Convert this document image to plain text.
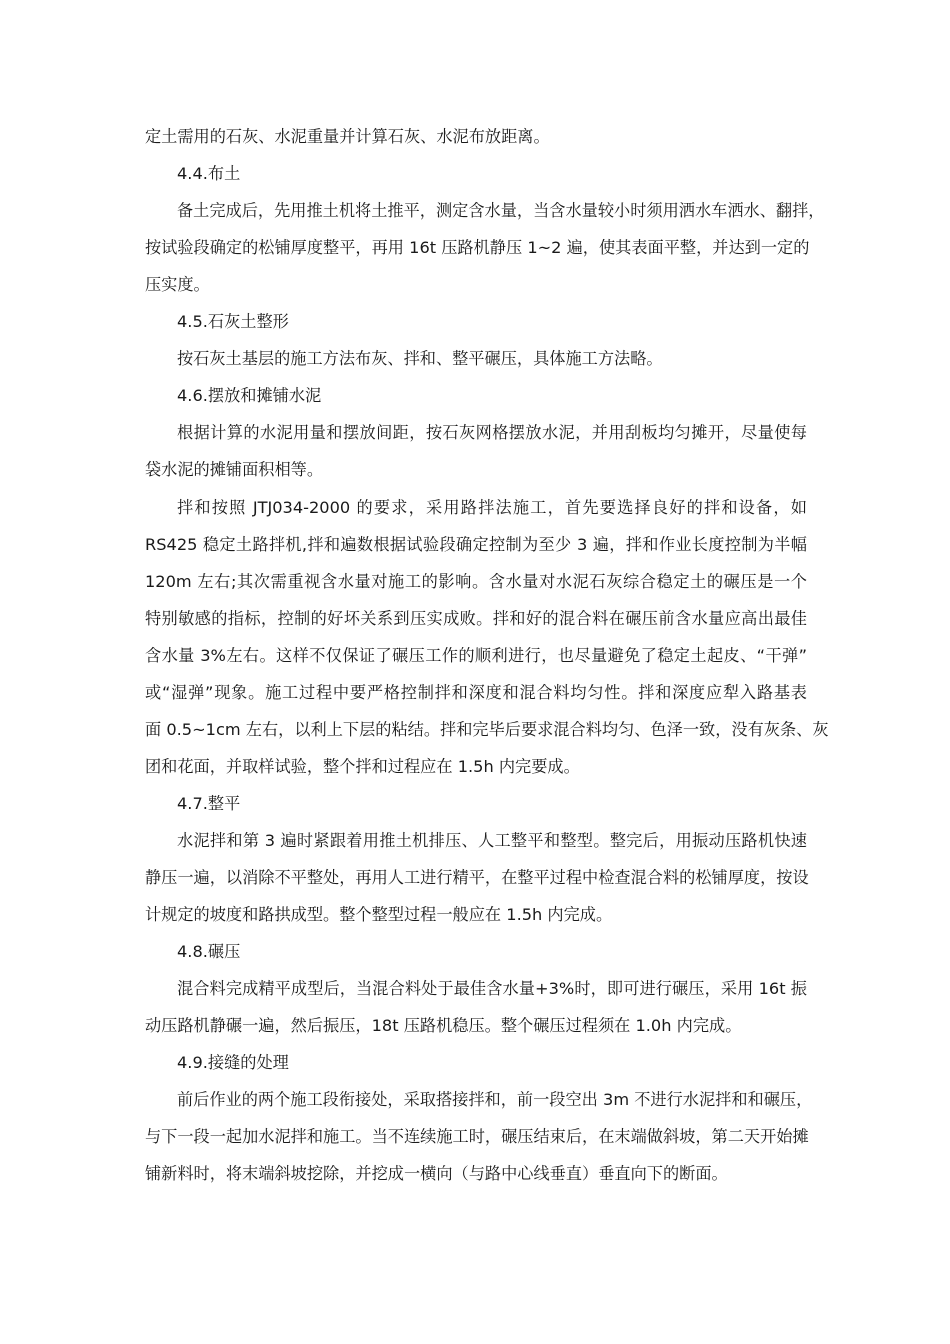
定土需用的石灰、水泥重量并计算石灰、水泥布放距离。
4.4.布土
备土完成后，先用推土机将土推平，测定含水量，当含水量较小时须用洒水车洒水、翻拌，
按试验段确定的松铺厚度整平，再用 16t 压路机静压 1~2 遍，使其表面平整，并达到一定的
压实度。
4.5.石灰土整形
按石灰土基层的施工方法布灰、拌和、整平碾压，具体施工方法略。
4.6.摆放和摊铺水泥
根据计算的水泥用量和摆放间距，按石灰网格摆放水泥，并用刮板均匀摊开，尽量使每
袋水泥的摊铺面积相等。
拌和按照 JTJ034-2000 的要求，采用路拌法施工，首先要选择良好的拌和设备，如
RS425 稳定土路拌机,拌和遍数根据试验段确定控制为至少 3 遍，拌和作业长度控制为半幅
120m 左右;其次需重视含水量对施工的影响。含水量对水泥石灰综合稳定土的碾压是一个
特别敏感的指标，控制的好坏关系到压实成败。拌和好的混合料在碾压前含水量应高出最佳
含水量 3%左右。这样不仅保证了碾压工作的顺利进行，也尽量避免了稳定土起皮、“干弹”
或“湿弹”现象。施工过程中要严格控制拌和深度和混合料均匀性。拌和深度应犁入路基表
面 0.5~1cm 左右，以利上下层的粘结。拌和完毕后要求混合料均匀、色泽一致，没有灰条、灰
团和花面，并取样试验，整个拌和过程应在 1.5h 内完要成。
4.7.整平
水泥拌和第 3 遍时紧跟着用推土机排压、人工整平和整型。整完后，用振动压路机快速
静压一遍，以消除不平整处，再用人工进行精平，在整平过程中检查混合料的松铺厚度，按设
计规定的坡度和路拱成型。整个整型过程一般应在 1.5h 内完成。
4.8.碾压
混合料完成精平成型后，当混合料处于最佳含水量+3%时，即可进行碾压，采用 16t 振
动压路机静碾一遍，然后振压，18t 压路机稳压。整个碾压过程须在 1.0h 内完成。
4.9.接缝的处理
前后作业的两个施工段衔接处，采取搭接拌和，前一段空出 3m 不进行水泥拌和和碾压，
与下一段一起加水泥拌和施工。当不连续施工时，碾压结束后，在末端做斜坡，第二天开始摊
铺新料时，将末端斜坡挖除，并挖成一横向（与路中心线垂直）垂直向下的断面。
